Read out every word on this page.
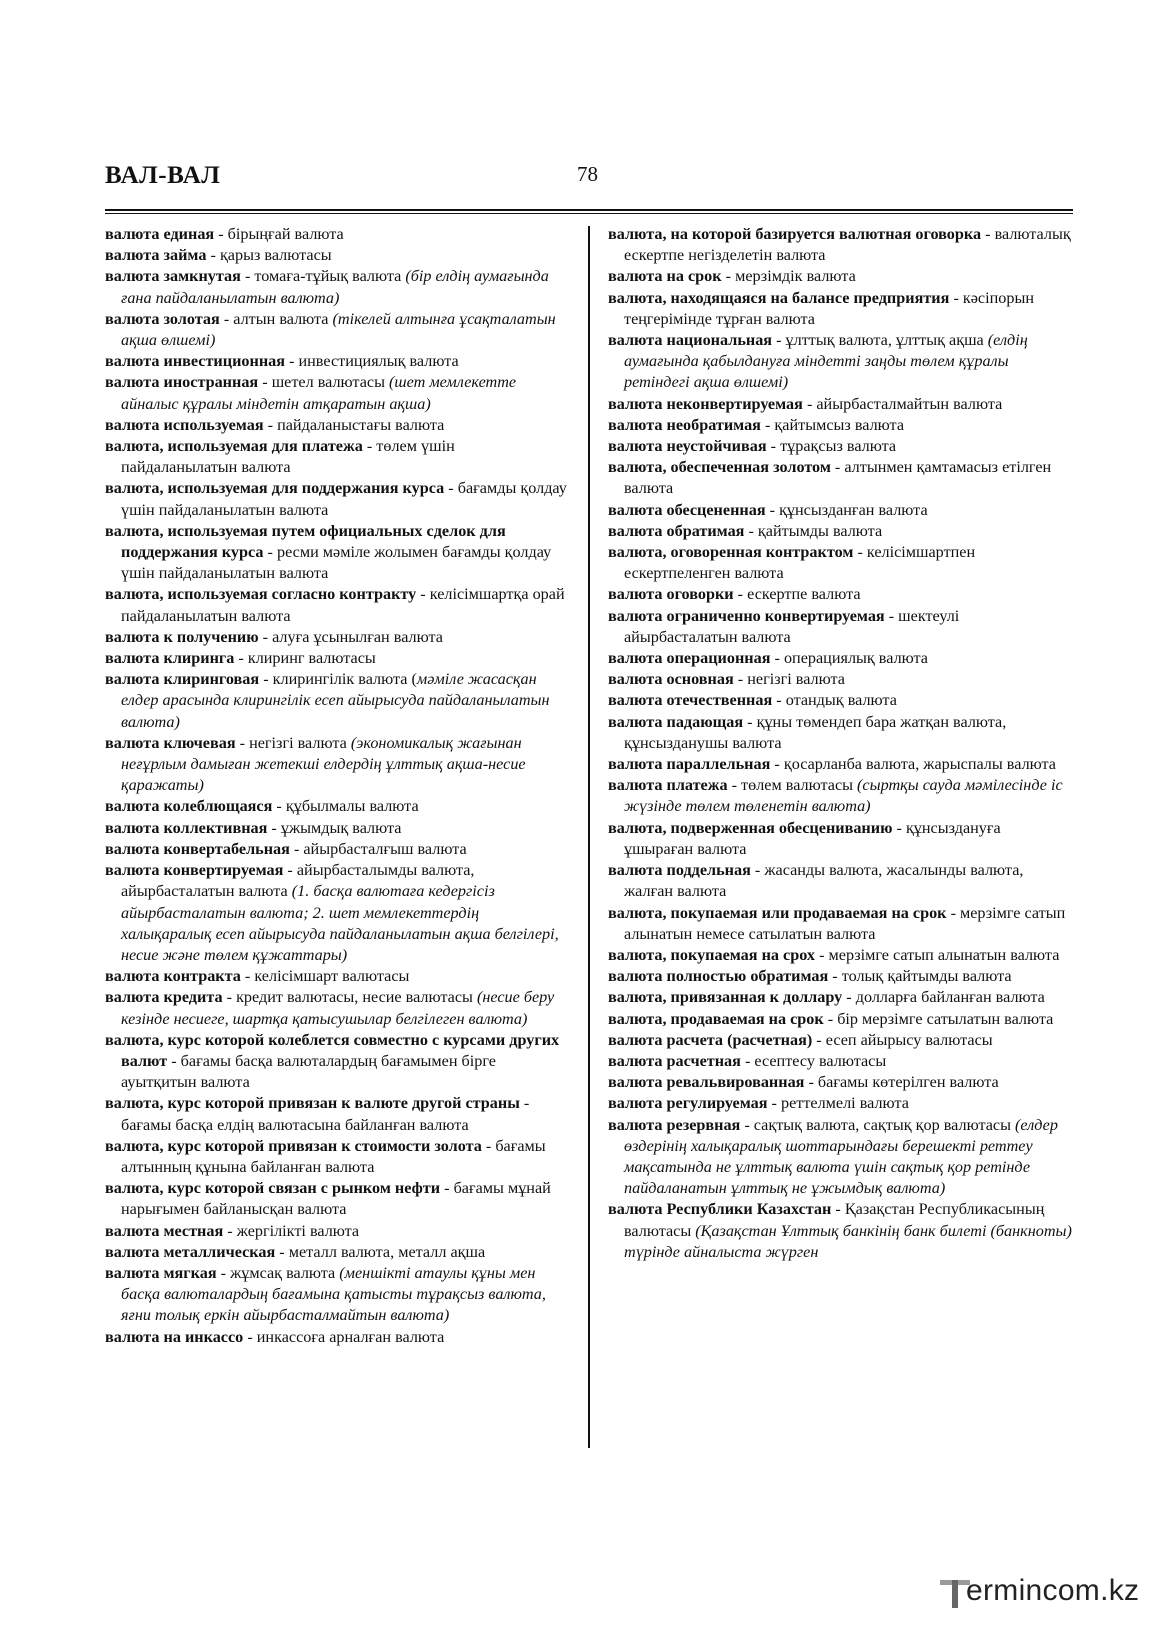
ВАЛ-ВАЛ	78

валюта единая - бірыңғай валюта

валюта займа - қарыз валютасы

валюта замкнутая - томаға-тұйық валюта (бір елдің аумағында ғана пайдаланылатын валюта)

валюта золотая - алтын валюта (тікелей алтынға ұсақталатын ақша өлшемі)

валюта инвестиционная - инвестициялық валюта

валюта иностранная - шетел валютасы (шет мемлекетте айналыс құралы міндетін атқаратын ақша)

валюта используемая - пайдаланыстағы валюта

валюта, используемая для платежа - төлем үшін пайдаланылатын валюта

валюта, используемая для поддержания курса - бағамды қолдау үшін пайдаланылатын валюта

валюта, используемая путем официальных сделок для поддержания курса - ресми мәміле жолымен бағамды қолдау үшін пайдаланылатын валюта

валюта, используемая согласно контракту - келісімшартқа орай пайдаланылатын валюта

валюта к получению - алуға ұсынылған валюта

валюта клиринга - клиринг валютасы

валюта клиринговая - клирингілік валюта (мәміле жасасқан елдер арасында клирингілік есеп айырысуда пайдаланылатын валюта)

валюта ключевая - негізгі валюта (экономикалық жағынан неғұрлым дамыған жетекші елдердің ұлттық ақша-несие қаражаты)

валюта колеблющаяся - құбылмалы валюта

валюта коллективная - ұжымдық валюта

валюта конвертабельная - айырбасталғыш валюта

валюта конвертируемая - айырбасталымды валюта, айырбасталатын валюта (1. басқа валютаға кедергісіз айырбасталатын валюта; 2. шет мемлекеттердің халықаралық есеп айырысуда пайдаланылатын ақша белгілері, несие және төлем құжаттары)

валюта контракта - келісімшарт валютасы

валюта кредита - кредит валютасы, несие валютасы (несие беру кезінде несиеге, шартқа қатысушылар белгілеген валюта)

валюта, курс которой колеблется совместно с курсами других валют - бағамы басқа валюталардың бағамымен бірге ауытқитын валюта

валюта, курс которой привязан к валюте другой страны - бағамы басқа елдің валютасына байланған валюта

валюта, курс которой привязан к стоимости золота - бағамы алтынның құнына байланған валюта

валюта, курс которой связан с рынком нефти - бағамы мұнай нарығымен байланысқан валюта

валюта местная - жергілікті валюта

валюта металлическая - металл валюта, металл ақша

валюта мягкая - жұмсақ валюта (меншікті атаулы құны мен басқа валюталардың бағамына қатысты тұрақсыз валюта, яғни толық еркін айырбасталмайтын валюта)

валюта на инкассо - инкассоға арналған валюта

валюта, на которой базируется валютная оговорка - валюталық ескертпе негізделетін валюта

валюта на срок - мерзімдік валюта

валюта, находящаяся на балансе предприятия - кәсіпорын теңгерімінде тұрған валюта

валюта национальная - ұлттық валюта, ұлттық ақша (елдің аумағында қабылдануға міндетті заңды төлем құралы ретіндегі ақша өлшемі)

валюта неконвертируемая - айырбасталмайтын валюта

валюта необратимая - қайтымсыз валюта

валюта неустойчивая - тұрақсыз валюта

валюта, обеспеченная золотом - алтынмен қамтамасыз етілген валюта

валюта обесцененная - құнсызданған валюта

валюта обратимая - қайтымды валюта

валюта, оговоренная контрактом - келісімшартпен ескертпеленген валюта

валюта оговорки - ескертпе валюта

валюта ограниченно конвертируемая - шектеулі айырбасталатын валюта

валюта операционная - операциялық валюта

валюта основная - негізгі валюта

валюта отечественная - отандық валюта

валюта падающая - құны төмендеп бара жатқан валюта, құнсызданушы валюта

валюта параллельная - қосарланба валюта, жарыспалы валюта

валюта платежа - төлем валютасы (сыртқы сауда мәмілесінде іс жүзінде төлем төленетін валюта)

валюта, подверженная обесцениванию - құнсыздануға ұшыраған валюта

валюта поддельная - жасанды валюта, жасалынды валюта, жалған валюта

валюта, покупаемая или продаваемая на срок - мерзімге сатып алынатын немесе сатылатын валюта

валюта, покупаемая на срох - мерзімге сатып алынатын валюта

валюта полностью обратимая - толық қайтымды валюта

валюта, привязанная к доллару - долларға байланған валюта

валюта, продаваемая на срок - бір мерзімге сатылатын валюта

валюта расчета (расчетная) - есеп айырысу валютасы

валюта расчетная - есептесу валютасы

валюта ревальвированная - бағамы көтерілген валюта

валюта регулируемая - реттелмелі валюта

валюта резервная - сақтық валюта, сақтық қор валютасы (елдер өздерінің халықаралық шоттарындағы берешекті реттеу мақсатында не ұлттық валюта үшін сақтық қор ретінде пайдаланатын ұлттық не ұжымдық валюта)

валюта Республики Казахстан - Қазақстан Республикасының валютасы (Қазақстан Ұлттық банкінің банк билеті (банкноты) түрінде айналыста жүрген

ermincom.kz
